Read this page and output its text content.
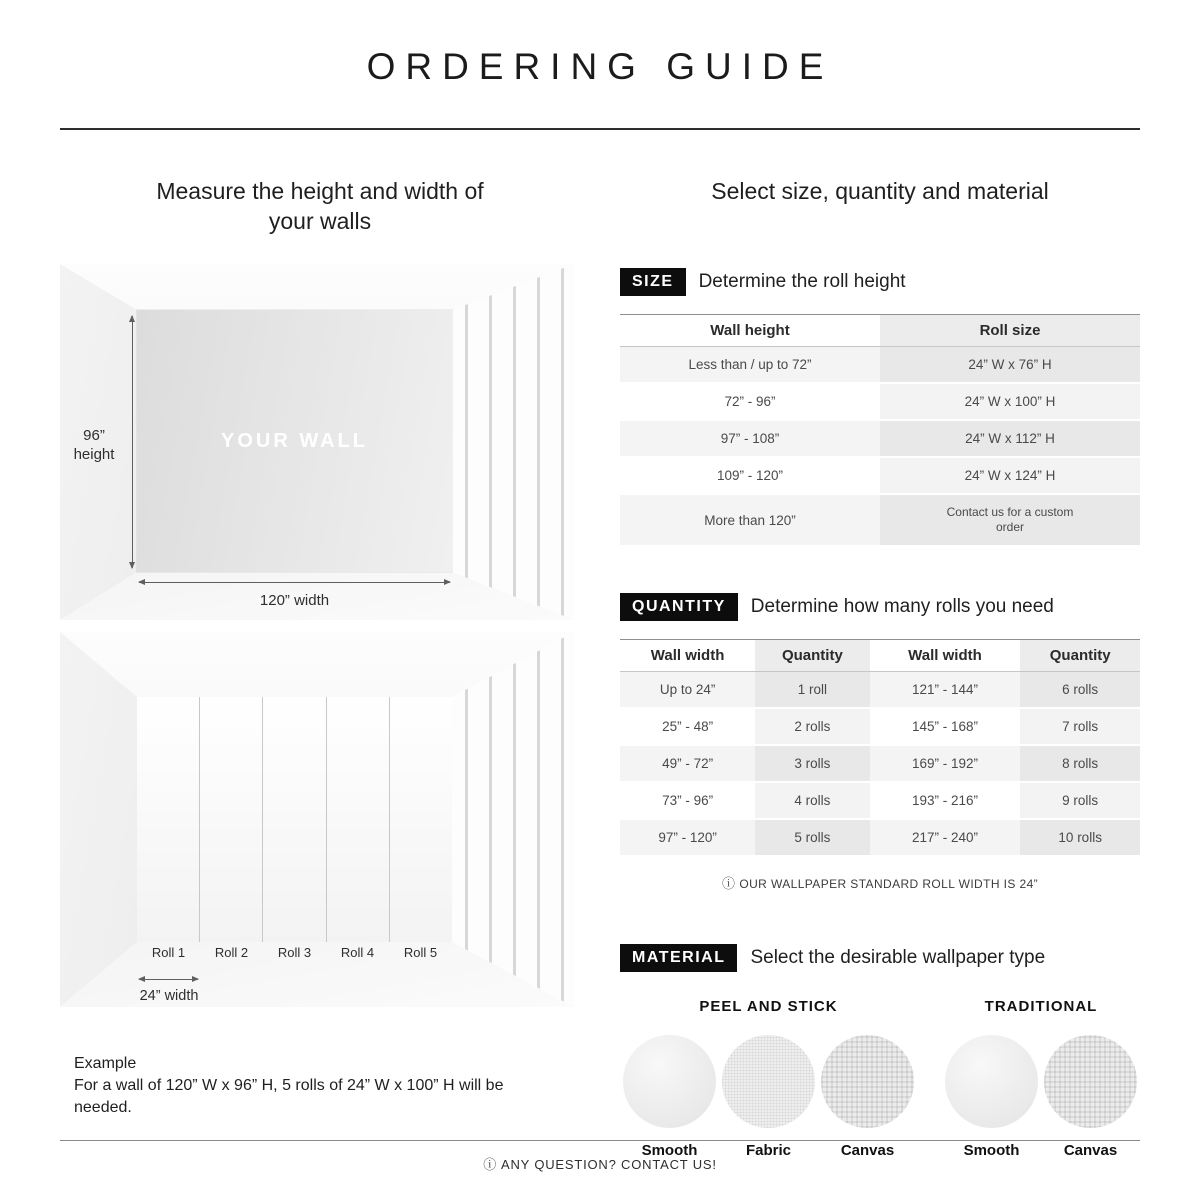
ORDERING GUIDE
Measure the height and width of your walls
YOUR WALL
96”
height
120” width
Roll 1	Roll 2	Roll 3	Roll 4	Roll 5
24” width
Example
For a wall of 120” W x 96” H, 5 rolls of 24” W x 100” H will be needed.
Select size, quantity and material
SIZE	Determine the roll height
Wall height	Roll size
Less than / up to 72”	24” W x 76” H
72” - 96”	24” W x 100” H
97” - 108”	24” W x 112” H
109” - 120”	24” W x 124” H
More than 120”	Contact us for a custom order
QUANTITY	Determine how many rolls you need
Wall width	Quantity	Wall width	Quantity
Up to 24”	1 roll	121” - 144”	6 rolls
25” - 48”	2 rolls	145” - 168”	7 rolls
49” - 72”	3 rolls	169” - 192”	8 rolls
73” - 96”	4 rolls	193” - 216”	9 rolls
97” - 120”	5 rolls	217” - 240”	10 rolls
ⓘ OUR WALLPAPER STANDARD ROLL WIDTH IS 24”
MATERIAL	Select the desirable wallpaper type
PEEL AND STICK
Smooth	Fabric	Canvas
TRADITIONAL
Smooth	Canvas
ⓘ ANY QUESTION? CONTACT US!
